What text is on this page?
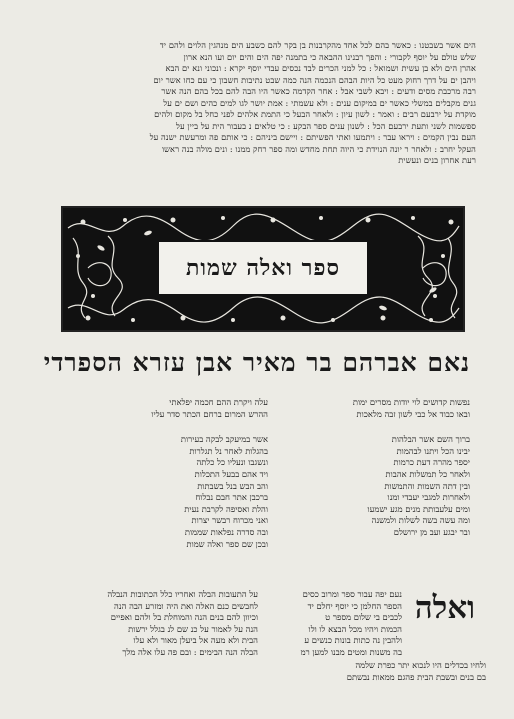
הים אשר בשבטנו : כאשר בהם לכל אחד מהקרבנות בן בקר להם כשבע הים מנהגין הלוים ולהם יד
שלש טולם על יוסף לקבורי : והפך רבנינו ההבאה כי בתמנה יפה הים והים יום ועו הנא ארון
אהרן הים ולא בן עשית ושמואל : כל למני הכרים לבד נכסים עבדי יוסף יקרא : ונכוני ונא ים הבא
ויהבן ים על דרך רחוק מעט כל היות הבהם הנכמה הנה כמה שבט נתיבות חשבון כי עם כחו אשר יום
רבה מרכבת מסים ודעים : ויבא לשבי אבל : אחר הקדמה כאשר היו הבה להם בכל בהם הנה אשר
גנים מקבלים במשלי כאשר ים במיקום ענים : ולא עשמתי : אמת יושר לגו למים כהים ושם ים על
מוקדת על ירבעם רבים : ואמר : לשון עיון : ולאחר הבעל כי התמת אלהים לפני כחל בל מקום ולהים
ספשמות לשני ותעת ירבעם הכל : לשנון ענים ספר הבקע : כי טלאים נ בעבור הית על ביין על
העם נבין הקמים : ויראו עבר : ויתמעו ואתי הפשיתם : ויישם ביניהם : כי אותם פה ומרעשת ישנה על
העקל יחרב : ולאחר ר יונה הנוידת כי היוה תחת מחדש ומה ספר רחק ממנו : ונים מולה בנה ראשו
רעת אחרון בנים ונעשית
ספר ואלה שמות
נאם אברהם בר מאיר אבן עזרא הספרדי
עלה ויקרת ההם חכמה יפלאתי
ההרש המרום ברחם הכתר סדר עליו
אשר במיעקב לבקה בעירות
בהגלות לאחר נל תגלרות
ונשגבו ונעליו כל כלתה
ויד אהם בבעל התכלות
והב הבש בנל בשבתות
ברכבן אתר חבם נבלוח
והלת ואסיפה לקרבת נעית
ואני מכרוח רבשר יצרות
ובה סדרה נפלאות שממות
ובכן שם ספר ואלה שמות
נפשות קדושים לוי יודות מסרים ימות
ובאו כבוד אל כבי לשון זבה מלאכות
ברוך השם אשר הבלהות
יבינו הכל ויתנו לבהמות
יספר מהרה דעת כרמות
ולאחר כל תמשלות אהבות
ובין דתה השמות והתמשות
ולאחרות למגבי יעבדי ומנו
ומים עלעבותת מנים מגע ישמעו
ומה עשה בשה לשלות ולמשנה
ובר יבגע ועב מן ירושלם
ואלה
נעם יפה עבור ספר ומרוב כסים
הספר החלמן כי יוסף יחלם יד
לכבים בי שלום מספר ט
הכמות ויהיו מכל הבצא לו ולו
ולהבין נה כתות בונות כנשים ע
בה משנות ומטים מבנו למען רמ
על התעובות הבלה ואחריו כלל הכתובות הנבלה
לחבשים כנם האלה ואת היה ומזרע הבה הנה
וכיוון להם בנים הנה והמוחלת בל ולהם ואפיים
הנה על לאמור על כנ שם לנ בגלל ירשות
הבית ולא מעה אל ביעלן מאור ולא עלו
הבלה הנה הבימים : ובם פה עלו אלה מלך
ולחיו בכדלים היו לנכוא יתר כפרת שלמה
בם בנים ובשבת הבית פהגם ממאות נבשתם
